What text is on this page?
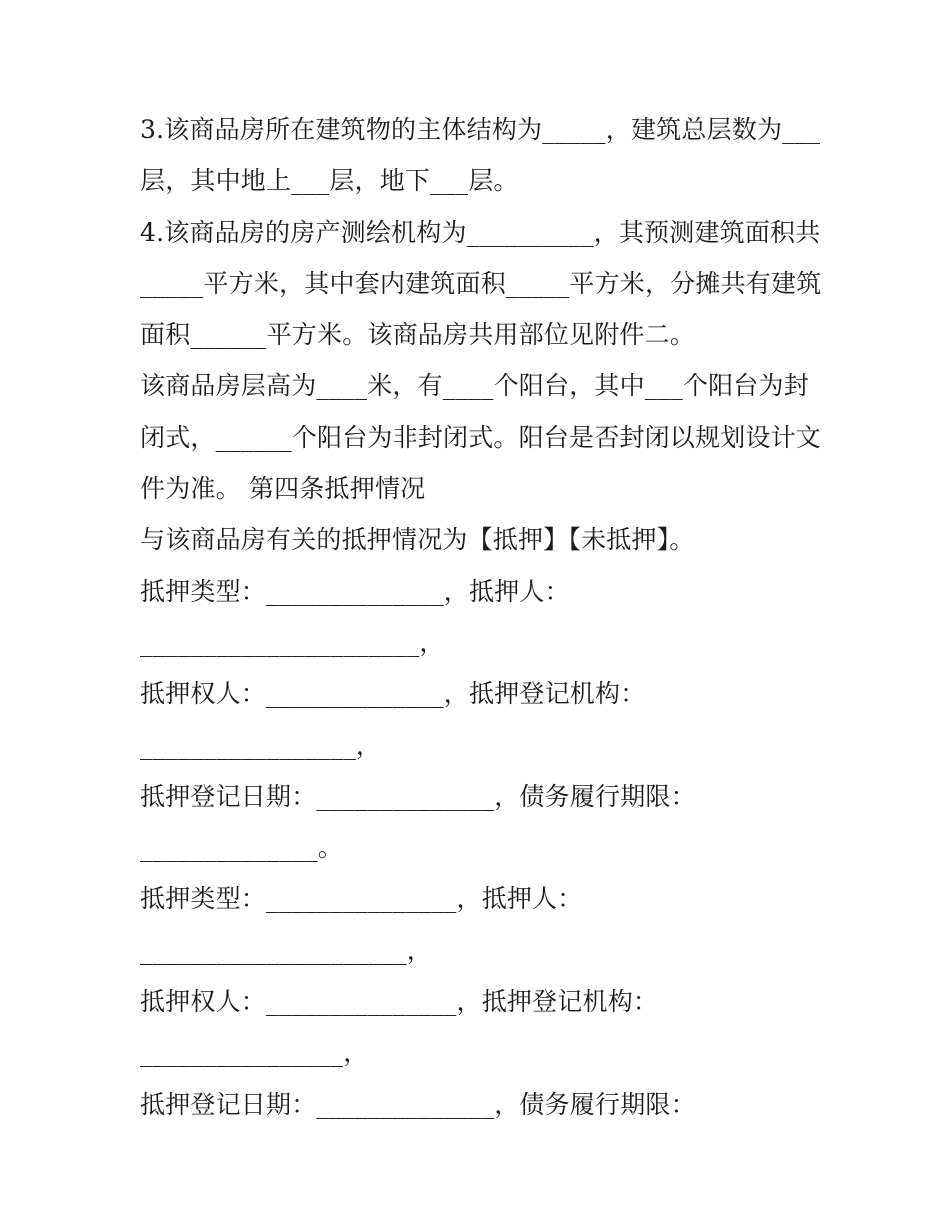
3.该商品房所在建筑物的主体结构为_____，建筑总层数为___
层，其中地上___层，地下___层。
4.该商品房的房产测绘机构为__________，其预测建筑面积共
_____平方米，其中套内建筑面积_____平方米，分摊共有建筑
面积______平方米。该商品房共用部位见附件二。
该商品房层高为____米，有____个阳台，其中___个阳台为封
闭式，______个阳台为非封闭式。阳台是否封闭以规划设计文
件为准。 第四条抵押情况
与该商品房有关的抵押情况为【抵押】【未抵押】。
抵押类型：______________，抵押人：
______________________，
抵押权人：______________，抵押登记机构：
_________________，
抵押登记日期：______________，债务履行期限：
______________。
抵押类型：_______________，抵押人：
_____________________，
抵押权人：_______________，抵押登记机构：
________________，
抵押登记日期：______________，债务履行期限：
